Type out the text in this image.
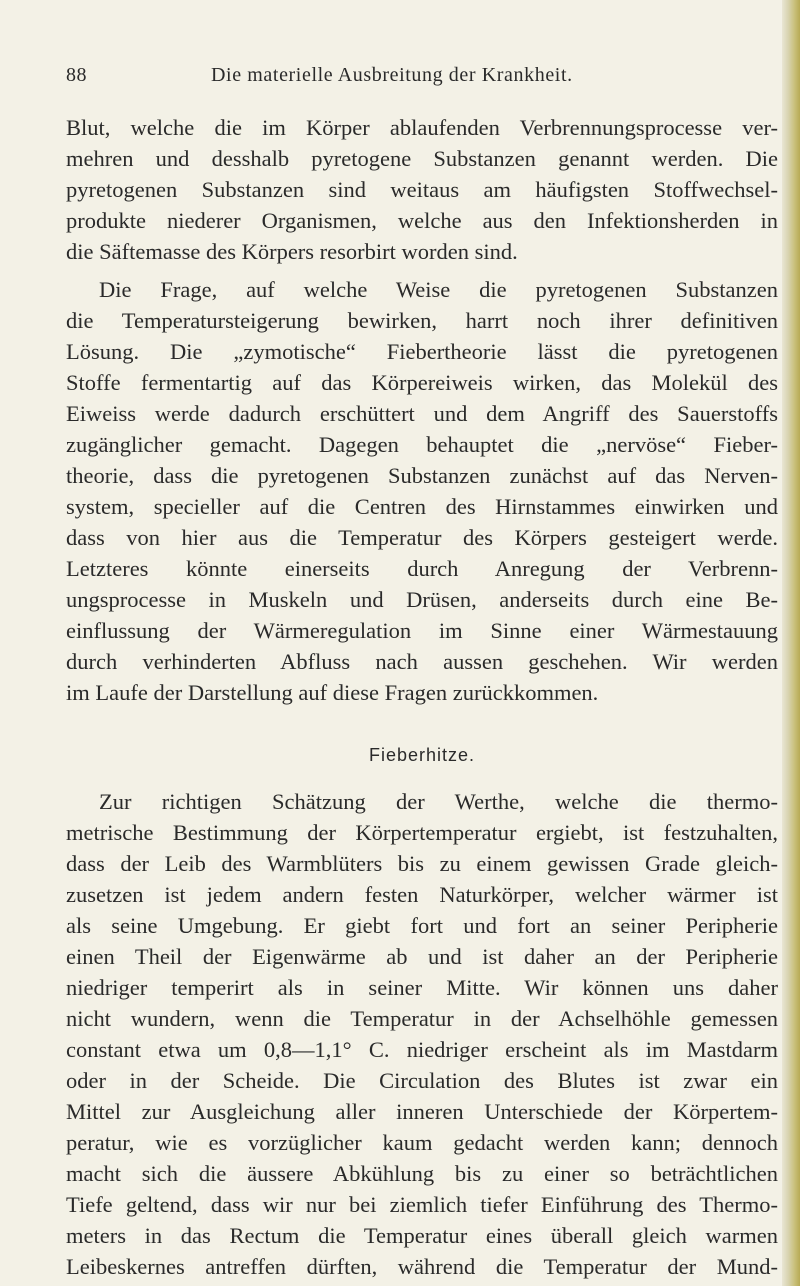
88	Die materielle Ausbreitung der Krankheit.
Blut, welche die im Körper ablaufenden Verbrennungsprocesse ver-
mehren und desshalb pyretogene Substanzen genannt werden. Die
pyretogenen Substanzen sind weitaus am häufigsten Stoffwechsel-
produkte niederer Organismen, welche aus den Infektionsherden in
die Säftemasse des Körpers resorbirt worden sind.
Die Frage, auf welche Weise die pyretogenen Substanzen
die Temperatursteigerung bewirken, harrt noch ihrer definitiven
Lösung. Die „zymotische“ Fiebertheorie lässt die pyretogenen
Stoffe fermentartig auf das Körpereiweis wirken, das Molekül des
Eiweiss werde dadurch erschüttert und dem Angriff des Sauerstoffs
zugänglicher gemacht. Dagegen behauptet die „nervöse“ Fieber-
theorie, dass die pyretogenen Substanzen zunächst auf das Nerven-
system, specieller auf die Centren des Hirnstammes einwirken und
dass von hier aus die Temperatur des Körpers gesteigert werde.
Letzteres könnte einerseits durch Anregung der Verbrenn-
ungsprocesse in Muskeln und Drüsen, anderseits durch eine Be-
einflussung der Wärmeregulation im Sinne einer Wärmestauung
durch verhinderten Abfluss nach aussen geschehen. Wir werden
im Laufe der Darstellung auf diese Fragen zurückkommen.
Fieberhitze.
Zur richtigen Schätzung der Werthe, welche die thermo-
metrische Bestimmung der Körpertemperatur ergiebt, ist festzuhalten,
dass der Leib des Warmblüters bis zu einem gewissen Grade gleich-
zusetzen ist jedem andern festen Naturkörper, welcher wärmer ist
als seine Umgebung. Er giebt fort und fort an seiner Peripherie
einen Theil der Eigenwärme ab und ist daher an der Peripherie
niedriger temperirt als in seiner Mitte. Wir können uns daher
nicht wundern, wenn die Temperatur in der Achselhöhle gemessen
constant etwa um 0,8—1,1° C. niedriger erscheint als im Mastdarm
oder in der Scheide. Die Circulation des Blutes ist zwar ein
Mittel zur Ausgleichung aller inneren Unterschiede der Körpertem-
peratur, wie es vorzüglicher kaum gedacht werden kann; dennoch
macht sich die äussere Abkühlung bis zu einer so beträchtlichen
Tiefe geltend, dass wir nur bei ziemlich tiefer Einführung des Thermo-
meters in das Rectum die Temperatur eines überall gleich warmen
Leibeskernes antreffen dürften, während die Temperatur der Mund-
